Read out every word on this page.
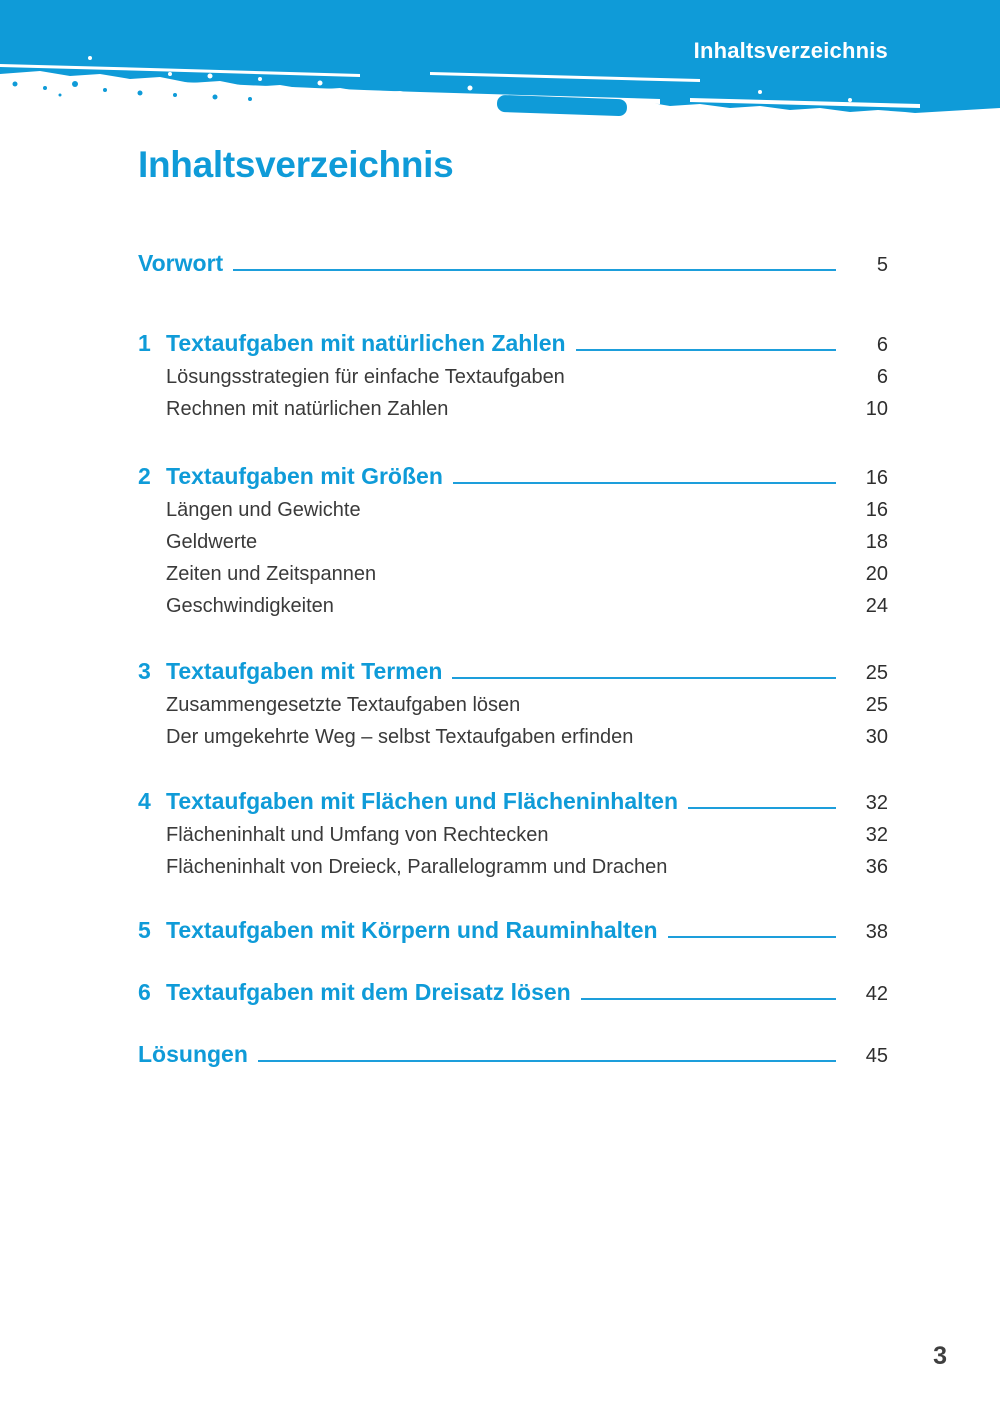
Inhaltsverzeichnis
Inhaltsverzeichnis
Vorwort	5
1 Textaufgaben mit natürlichen Zahlen	6
Lösungsstrategien für einfache Textaufgaben	6
Rechnen mit natürlichen Zahlen	10
2 Textaufgaben mit Größen	16
Längen und Gewichte	16
Geldwerte	18
Zeiten und Zeitspannen	20
Geschwindigkeiten	24
3 Textaufgaben mit Termen	25
Zusammengesetzte Textaufgaben lösen	25
Der umgekehrte Weg – selbst Textaufgaben erfinden	30
4 Textaufgaben mit Flächen und Flächeninhalten	32
Flächeninhalt und Umfang von Rechtecken	32
Flächeninhalt von Dreieck, Parallelogramm und Drachen	36
5 Textaufgaben mit Körpern und Rauminhalten	38
6 Textaufgaben mit dem Dreisatz lösen	42
Lösungen	45
3
